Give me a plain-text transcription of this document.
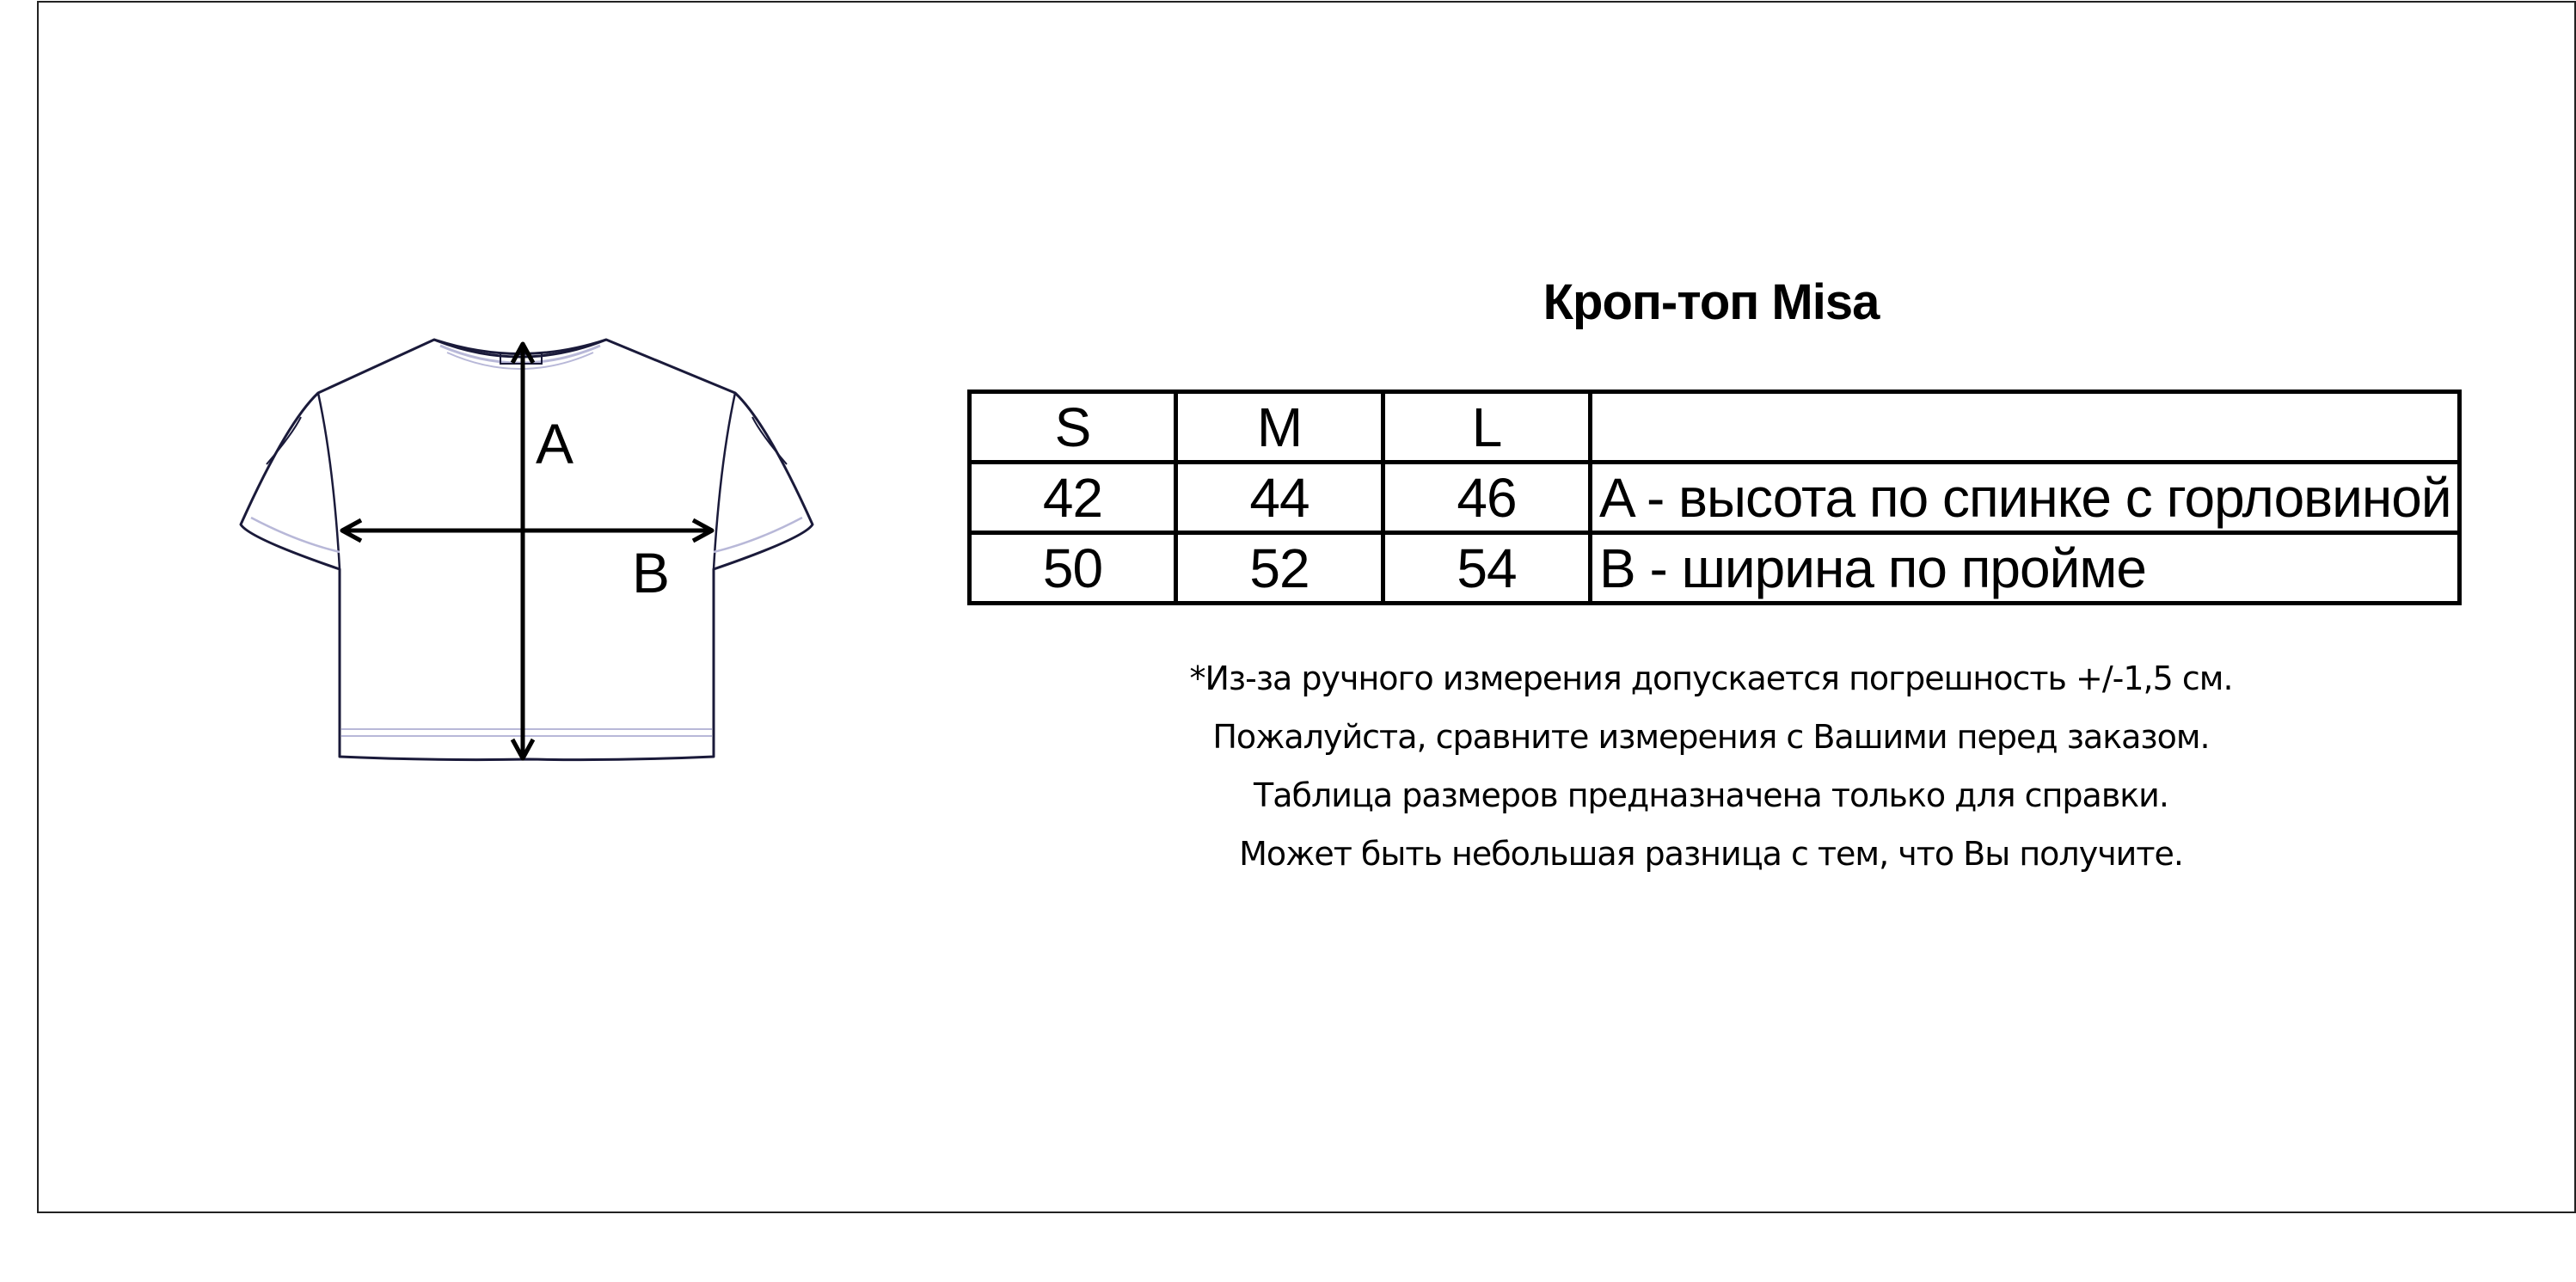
A
B
Кроп-топ Misa
S	M	L	
42	44	46	A - высота по спинке с горловиной
50	52	54	B - ширина по пройме
*Из-за ручного измерения допускается погрешность +/-1,5 см.
Пожалуйста, сравните измерения с Вашими перед заказом.
Таблица размеров предназначена только для справки.
Может быть небольшая разница с тем, что Вы получите.
